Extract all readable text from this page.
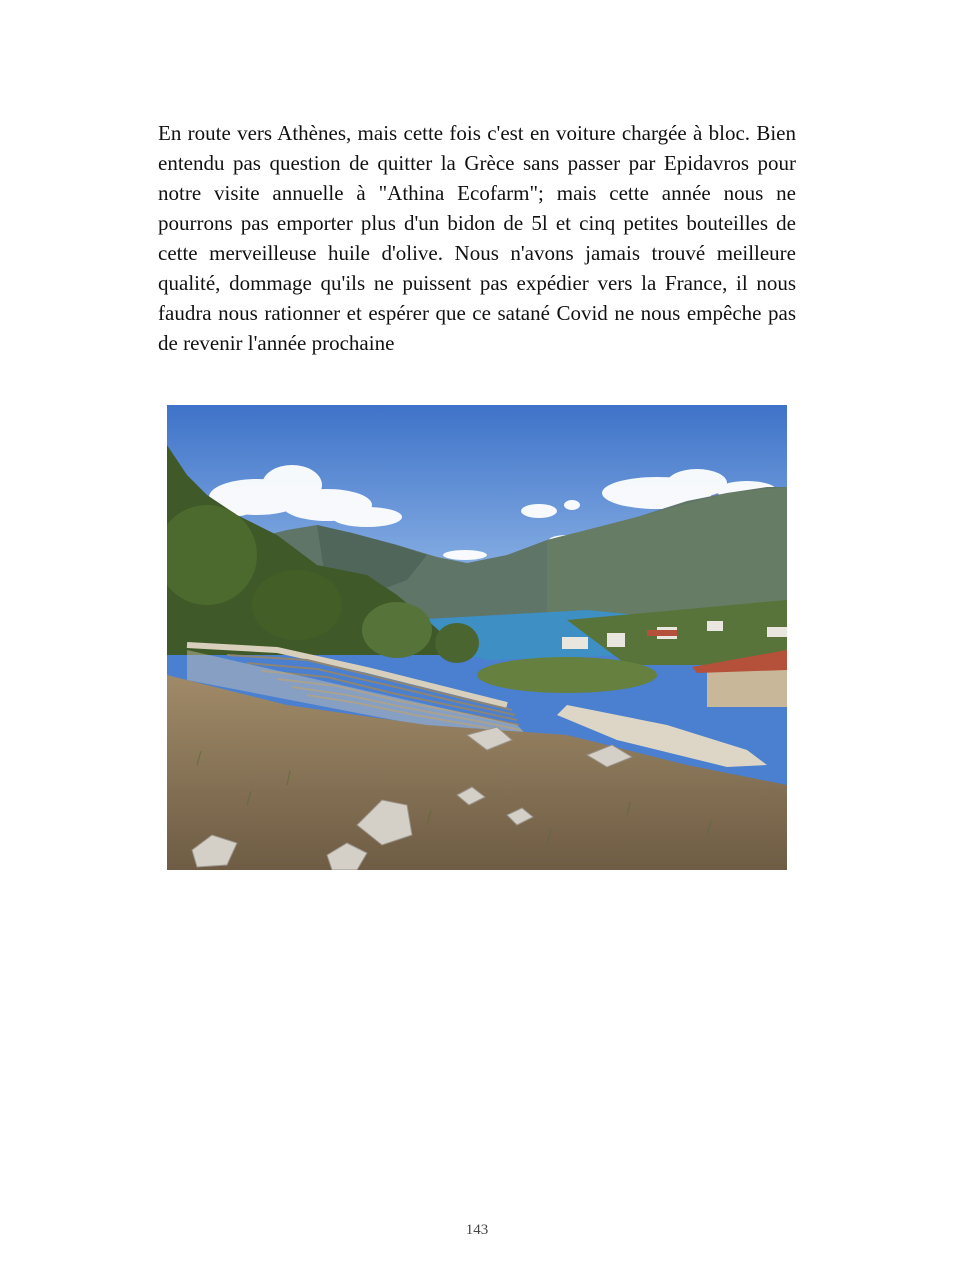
En route vers Athènes, mais cette fois c'est en voiture chargée à bloc. Bien entendu pas question de quitter la Grèce sans passer par Epidavros pour notre visite annuelle à "Athina Ecofarm"; mais cette année nous ne pourrons pas emporter plus d'un bidon de 5l et cinq petites bouteilles de cette merveilleuse huile d'olive. Nous n'avons jamais trouvé meilleure qualité, dommage qu'ils ne puissent pas expédier vers la France, il nous faudra nous rationner et espérer que ce satané Covid ne nous empêche pas de revenir l'année prochaine

143
